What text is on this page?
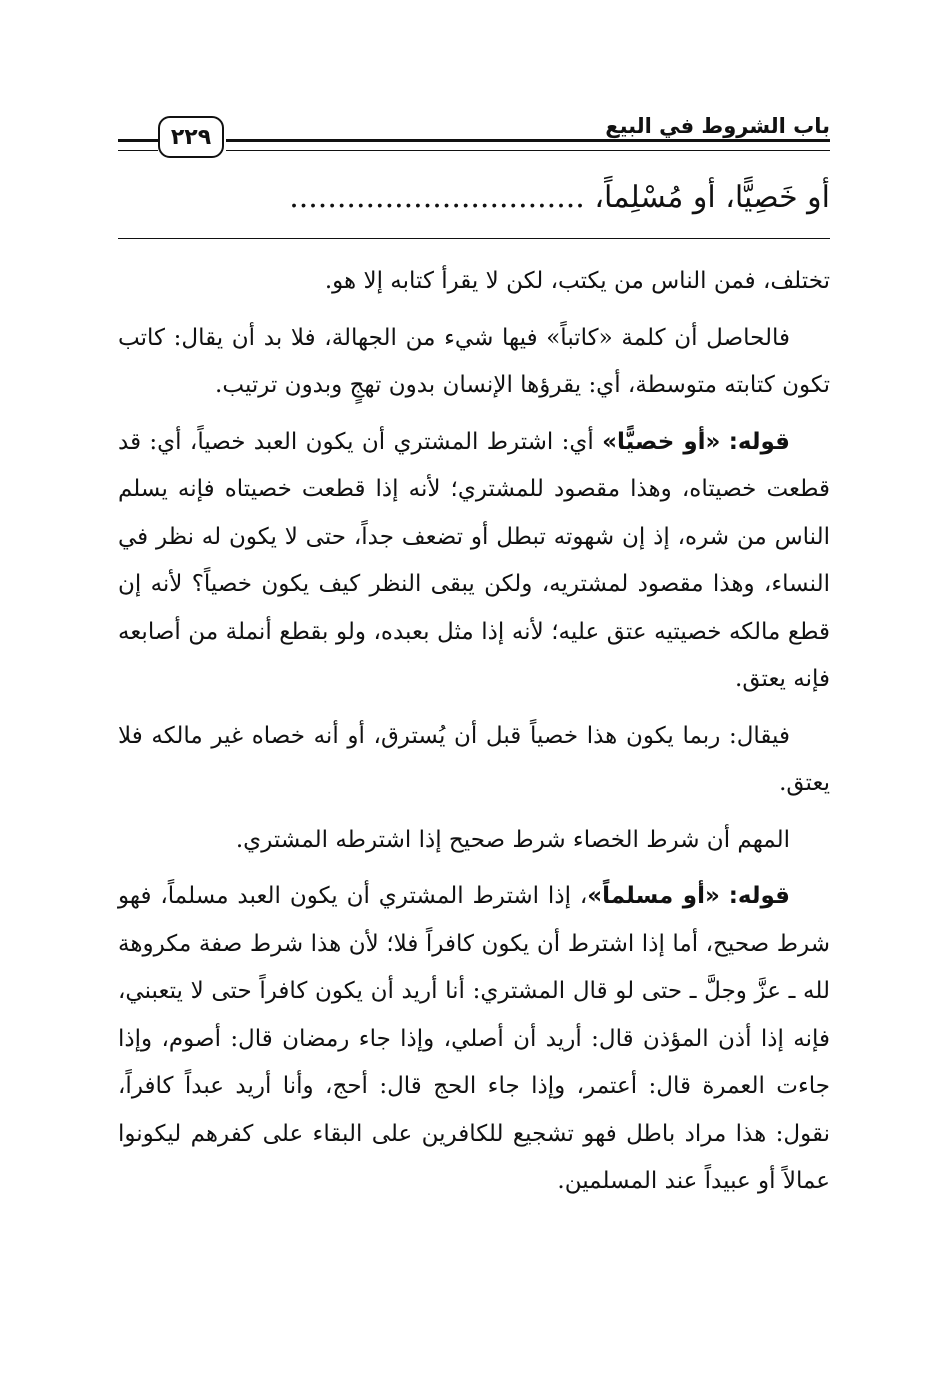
٢٢٩	باب الشروط في البيع
أو خَصِيًّا، أو مُسْلِماً، ...............................

تختلف، فمن الناس من يكتب، لكن لا يقرأ كتابه إلا هو.

فالحاصل أن كلمة «كاتباً» فيها شيء من الجهالة، فلا بد أن يقال: كاتب تكون كتابته متوسطة، أي: يقرؤها الإنسان بدون تهجٍ وبدون ترتيب.

قوله: «أو خصيًّا» أي: اشترط المشتري أن يكون العبد خصياً، أي: قد قطعت خصيتاه، وهذا مقصود للمشتري؛ لأنه إذا قطعت خصيتاه فإنه يسلم الناس من شره، إذ إن شهوته تبطل أو تضعف جداً، حتى لا يكون له نظر في النساء، وهذا مقصود لمشتريه، ولكن يبقى النظر كيف يكون خصياً؟ لأنه إن قطع مالكه خصيتيه عتق عليه؛ لأنه إذا مثل بعبده، ولو بقطع أنملة من أصابعه فإنه يعتق.

فيقال: ربما يكون هذا خصياً قبل أن يُسترق، أو أنه خصاه غير مالكه فلا يعتق.

المهم أن شرط الخصاء شرط صحيح إذا اشترطه المشتري.

قوله: «أو مسلماً»، إذا اشترط المشتري أن يكون العبد مسلماً، فهو شرط صحيح، أما إذا اشترط أن يكون كافراً فلا؛ لأن هذا شرط صفة مكروهة لله ـ عزَّ وجلَّ ـ حتى لو قال المشتري: أنا أريد أن يكون كافراً حتى لا يتعبني، فإنه إذا أذن المؤذن قال: أريد أن أصلي، وإذا جاء رمضان قال: أصوم، وإذا جاءت العمرة قال: أعتمر، وإذا جاء الحج قال: أحج، وأنا أريد عبداً كافراً، نقول: هذا مراد باطل فهو تشجيع للكافرين على البقاء على كفرهم ليكونوا عمالاً أو عبيداً عند المسلمين.
